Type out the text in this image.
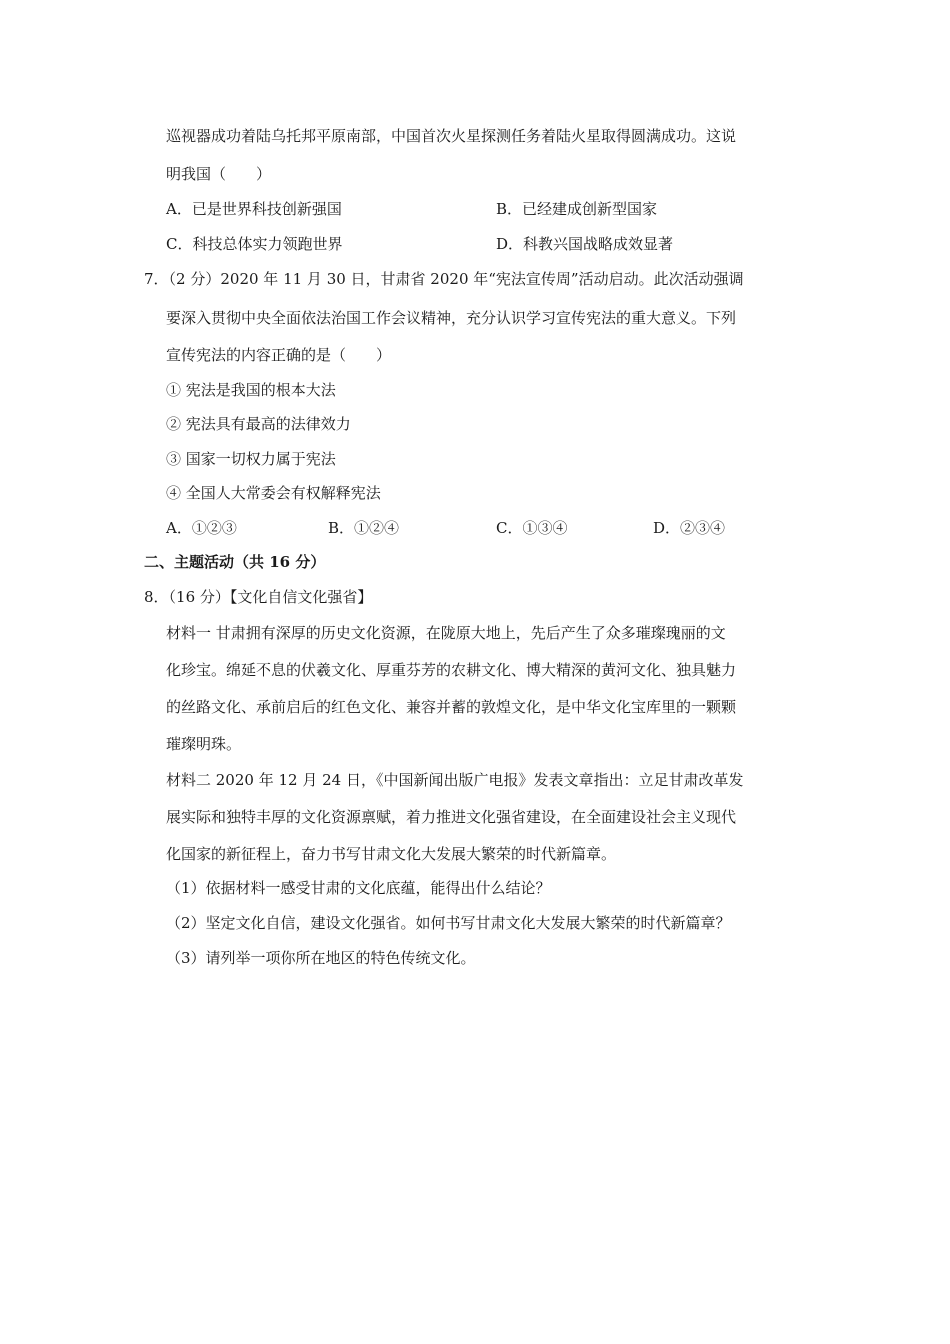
巡视器成功着陆乌托邦平原南部，中国首次火星探测任务着陆火星取得圆满成功。这说
明我国（　　）
A．已是世界科技创新强国	B．已经建成创新型国家
C．科技总体实力领跑世界	D．科教兴国战略成效显著
7．（2 分）2020 年 11 月 30 日，甘肃省 2020 年“宪法宣传周”活动启动。此次活动强调
要深入贯彻中央全面依法治国工作会议精神，充分认识学习宣传宪法的重大意义。下列
宣传宪法的内容正确的是（　　）
① 宪法是我国的根本大法
② 宪法具有最高的法律效力
③ 国家一切权力属于宪法
④ 全国人大常委会有权解释宪法
A．①②③	B．①②④	C．①③④	D．②③④
二、主题活动（共 16 分）
8．（16 分）【文化自信文化强省】
材料一 甘肃拥有深厚的历史文化资源，在陇原大地上，先后产生了众多璀璨瑰丽的文
化珍宝。绵延不息的伏羲文化、厚重芬芳的农耕文化、博大精深的黄河文化、独具魅力
的丝路文化、承前启后的红色文化、兼容并蓄的敦煌文化，是中华文化宝库里的一颗颗
璀璨明珠。
材料二 2020 年 12 月 24 日，《中国新闻出版广电报》发表文章指出：立足甘肃改革发
展实际和独特丰厚的文化资源禀赋，着力推进文化强省建设，在全面建设社会主义现代
化国家的新征程上，奋力书写甘肃文化大发展大繁荣的时代新篇章。
（1）依据材料一感受甘肃的文化底蕴，能得出什么结论？
（2）坚定文化自信，建设文化强省。如何书写甘肃文化大发展大繁荣的时代新篇章？
（3）请列举一项你所在地区的特色传统文化。
